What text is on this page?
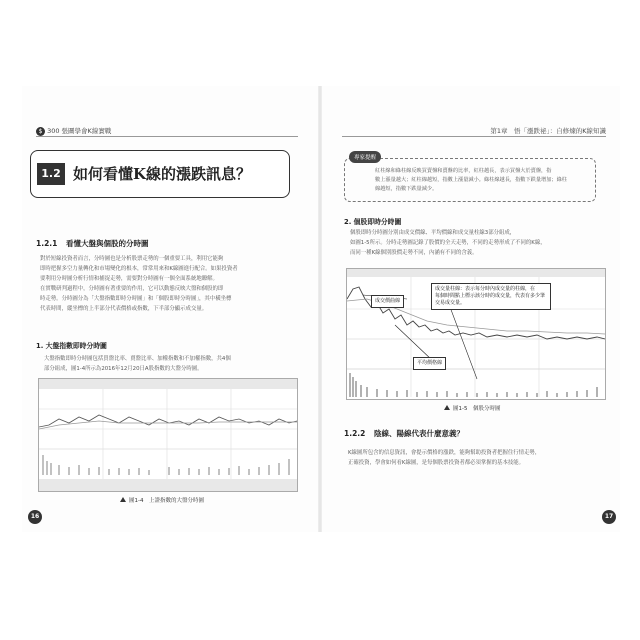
$ 300 張圖學會K線實戰
1.2 如何看懂K線的漲跌訊息？
1.2.1 看懂大盤與個股的分時圖
對於短線投資者而言，分時圖也是分析股票走勢的一個重要工具，利用它能夠
即時把握多空力量轉化和市場變化的根本，常常用來和K線圖進行配合。如果投資者
要利用分時圖分析行情和捕捉走勢，需要對分時圖有一個全面系統地瞭解。
在實戰研判過程中，分時圖有著重要的作用，它可以動態反映大盤和個股的即
時走勢。分時圖分為「大盤指數即時分時圖」和「個股即時分時圖」，其中橫坐標
代表時間，縱坐標的上半部分代表價格或指數，下半部分顯示成交量。
1. 大盤指數即時分時圖
大盤指數即時分時圖包括買盤比率、賣盤比率、加權指數和不加權指數，共4個
部分組成，圖1-4所示為2016年12月20日A股指數的大盤分時圖。
圖1-4　上證指數的大盤分時圖
16
第1章　悟「漲跌祕」：自修煉的K線知識
專家提醒
紅柱線和綠柱線反映買賣盤和賣盤的比率，紅柱越長，表示買盤大於賣盤，指
數上漲量越大；紅柱線越短，指數上漲量減小。綠柱線越長，指數下跌量增加；綠柱
線越短，指數下跌量減少。
2. 個股即時分時圖
個股即時分時圖分別由成交價線、平均價線和成交量柱線3部分組成，
如圖1-5所示。分時走勢圖記錄了股價的全天走勢，不同的走勢形成了不同的K線，
而同一種K線個別股價走勢不同，內涵有不同的含義。
成交價曲線
成交量柱線：表示每分時內成交量的柱線，在
每個時間點上標示該分時的成交量，代表有多少筆
交易成交量。
平均價格線
圖1-5　個股分時圖
1.2.2 陰線、陽線代表什麼意義？
K線圖所包含的信息資訊，會提示價格的漲跌，能夠幫助投資者把握住行情走勢，
正確投資，學會如何看K線圖，是每個股票投資者都必須掌握的基本技能。
17
